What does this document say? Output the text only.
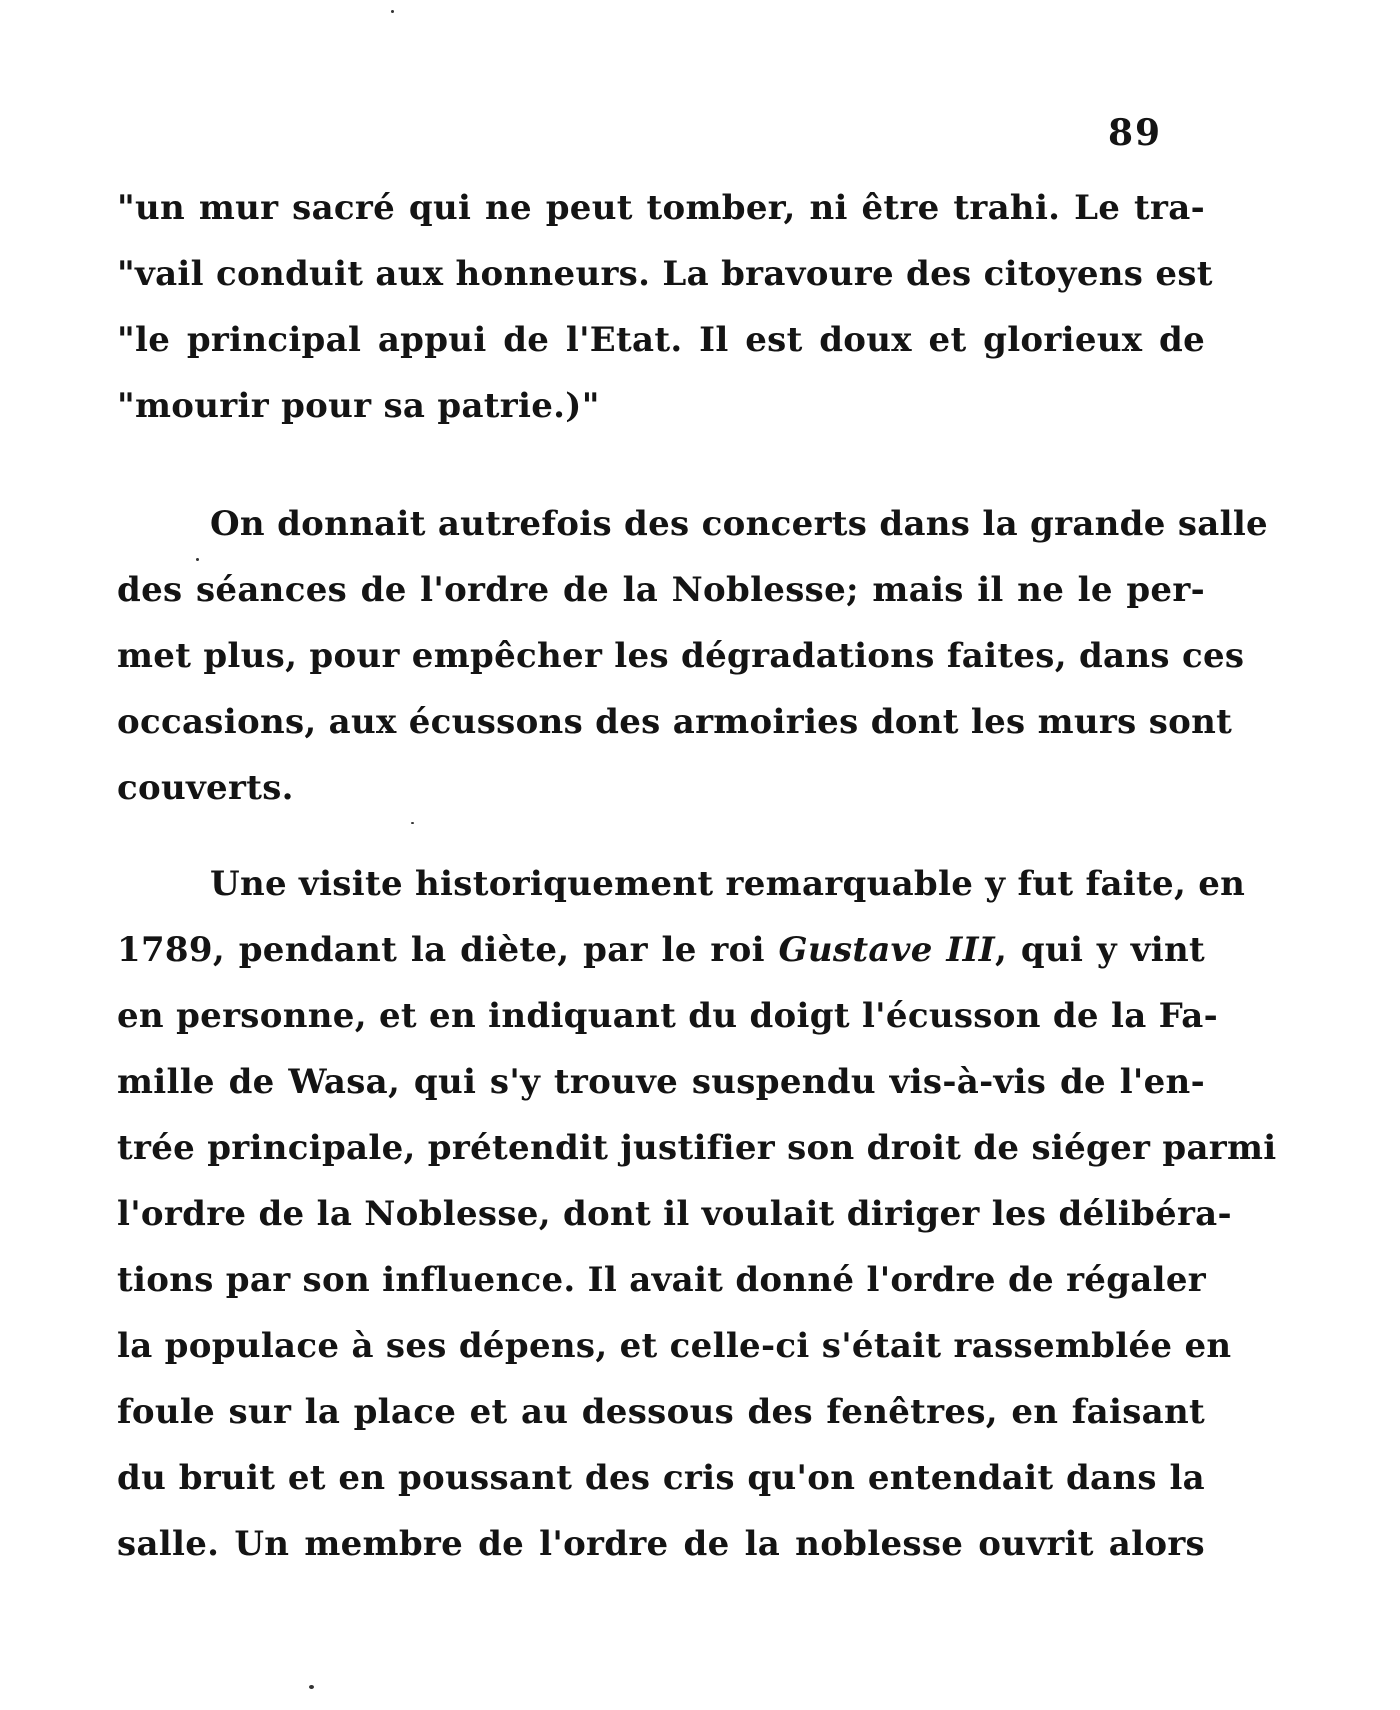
89
"un mur sacré qui ne peut tomber, ni être trahi. Le tra-
"vail conduit aux honneurs. La bravoure des citoyens est
"le principal appui de l'Etat. Il est doux et glorieux de
"mourir pour sa patrie.)"
On donnait autrefois des concerts dans la grande salle
des séances de l'ordre de la Noblesse; mais il ne le per-
met plus, pour empêcher les dégradations faites, dans ces
occasions, aux écussons des armoiries dont les murs sont
couverts.
Une visite historiquement remarquable y fut faite, en
1789, pendant la diète, par le roi Gustave III, qui y vint
en personne, et en indiquant du doigt l'écusson de la Fa-
mille de Wasa, qui s'y trouve suspendu vis-à-vis de l'en-
trée principale, prétendit justifier son droit de siéger parmi
l'ordre de la Noblesse, dont il voulait diriger les délibéra-
tions par son influence. Il avait donné l'ordre de régaler
la populace à ses dépens, et celle-ci s'était rassemblée en
foule sur la place et au dessous des fenêtres, en faisant
du bruit et en poussant des cris qu'on entendait dans la
salle. Un membre de l'ordre de la noblesse ouvrit alors
